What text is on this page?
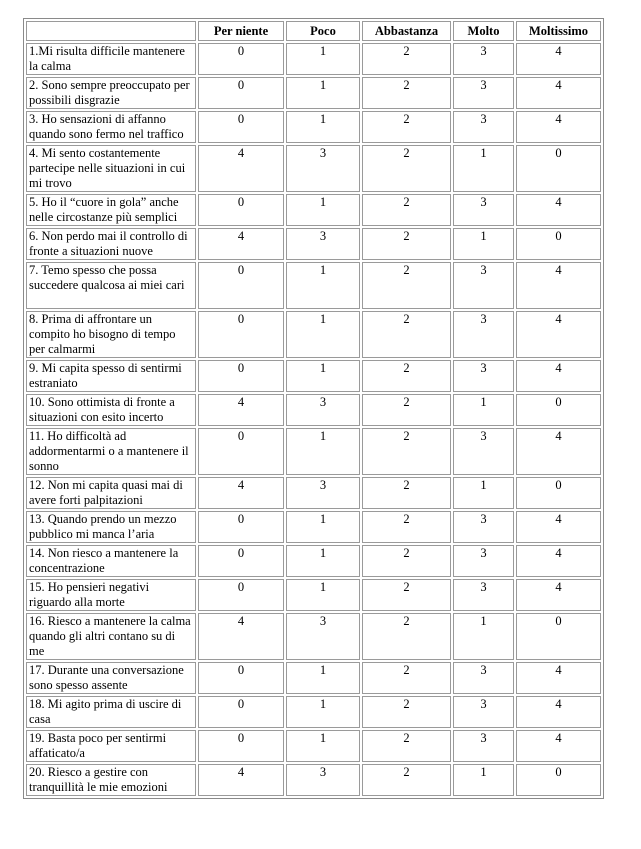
	Per niente	Poco	Abbastanza	Molto	Moltissimo
1.Mi risulta difficile mantenere la calma	0	1	2	3	4
2. Sono sempre preoccupato per possibili disgrazie	0	1	2	3	4
3. Ho sensazioni di affanno quando sono fermo nel traffico	0	1	2	3	4
4. Mi sento costantemente partecipe nelle situazioni in cui mi trovo	4	3	2	1	0
5. Ho il “cuore in gola” anche nelle circostanze più semplici	0	1	2	3	4
6. Non perdo mai il controllo di fronte a situazioni nuove	4	3	2	1	0
7. Temo spesso che possa succedere qualcosa ai miei cari	0	1	2	3	4
8. Prima di affrontare un compito ho bisogno di tempo per calmarmi	0	1	2	3	4
9. Mi capita spesso di sentirmi estraniato	0	1	2	3	4
10. Sono ottimista di fronte a situazioni con esito incerto	4	3	2	1	0
11. Ho difficoltà ad addormentarmi o a mantenere il sonno	0	1	2	3	4
12. Non mi capita quasi mai di avere forti palpitazioni	4	3	2	1	0
13. Quando prendo un mezzo pubblico mi manca l’aria	0	1	2	3	4
14. Non riesco a mantenere la concentrazione	0	1	2	3	4
15. Ho pensieri negativi riguardo alla morte	0	1	2	3	4
16. Riesco a mantenere la calma quando gli altri contano su di me	4	3	2	1	0
17. Durante una conversazione sono spesso assente	0	1	2	3	4
18. Mi agito prima di uscire di casa	0	1	2	3	4
19. Basta poco per sentirmi affaticato/a	0	1	2	3	4
20. Riesco a gestire con tranquillità le mie emozioni	4	3	2	1	0
